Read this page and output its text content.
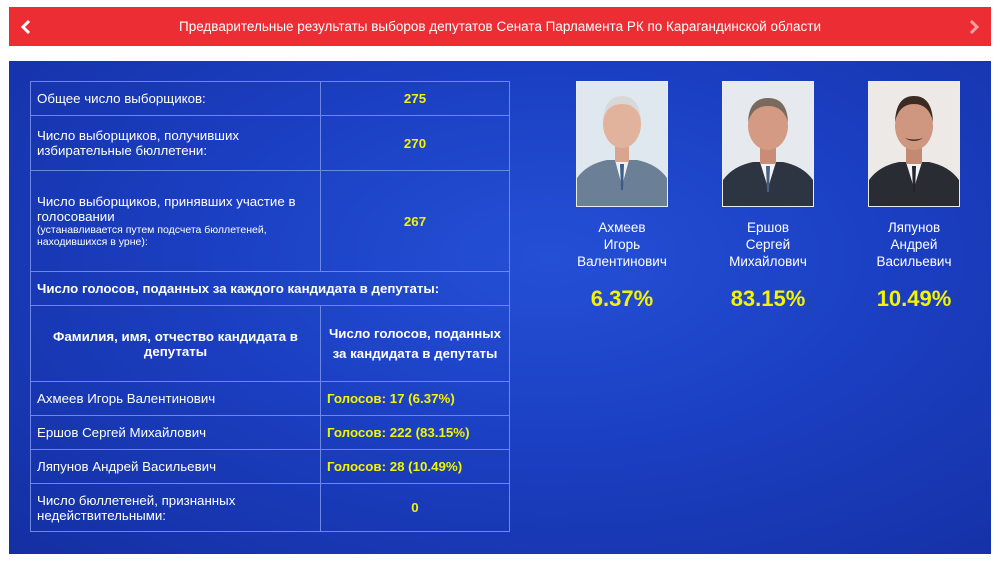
Предварительные результаты выборов депутатов Сената Парламента РК по Карагандинской области
Общее число выборщиков:	275
Число выборщиков, получивших избирательные бюллетени:	270
Число выборщиков, принявших участие в голосовании
(устанавливается путем подсчета бюллетеней, находившихся в урне):	267
Число голосов, поданных за каждого кандидата в депутаты:	
Фамилия, имя, отчество кандидата в депутаты	Число голосов, поданных за кандидата в депутаты
Ахмеев Игорь Валентинович	Голосов: 17 (6.37%)
Ершов Сергей Михайлович	Голосов: 222 (83.15%)
Ляпунов Андрей Васильевич	Голосов: 28 (10.49%)
Число бюллетеней, признанных недействительными:	0
Ахмеев
Игорь
Валентинович
6.37%
Ершов
Сергей
Михайлович
83.15%
Ляпунов
Андрей
Васильевич
10.49%
